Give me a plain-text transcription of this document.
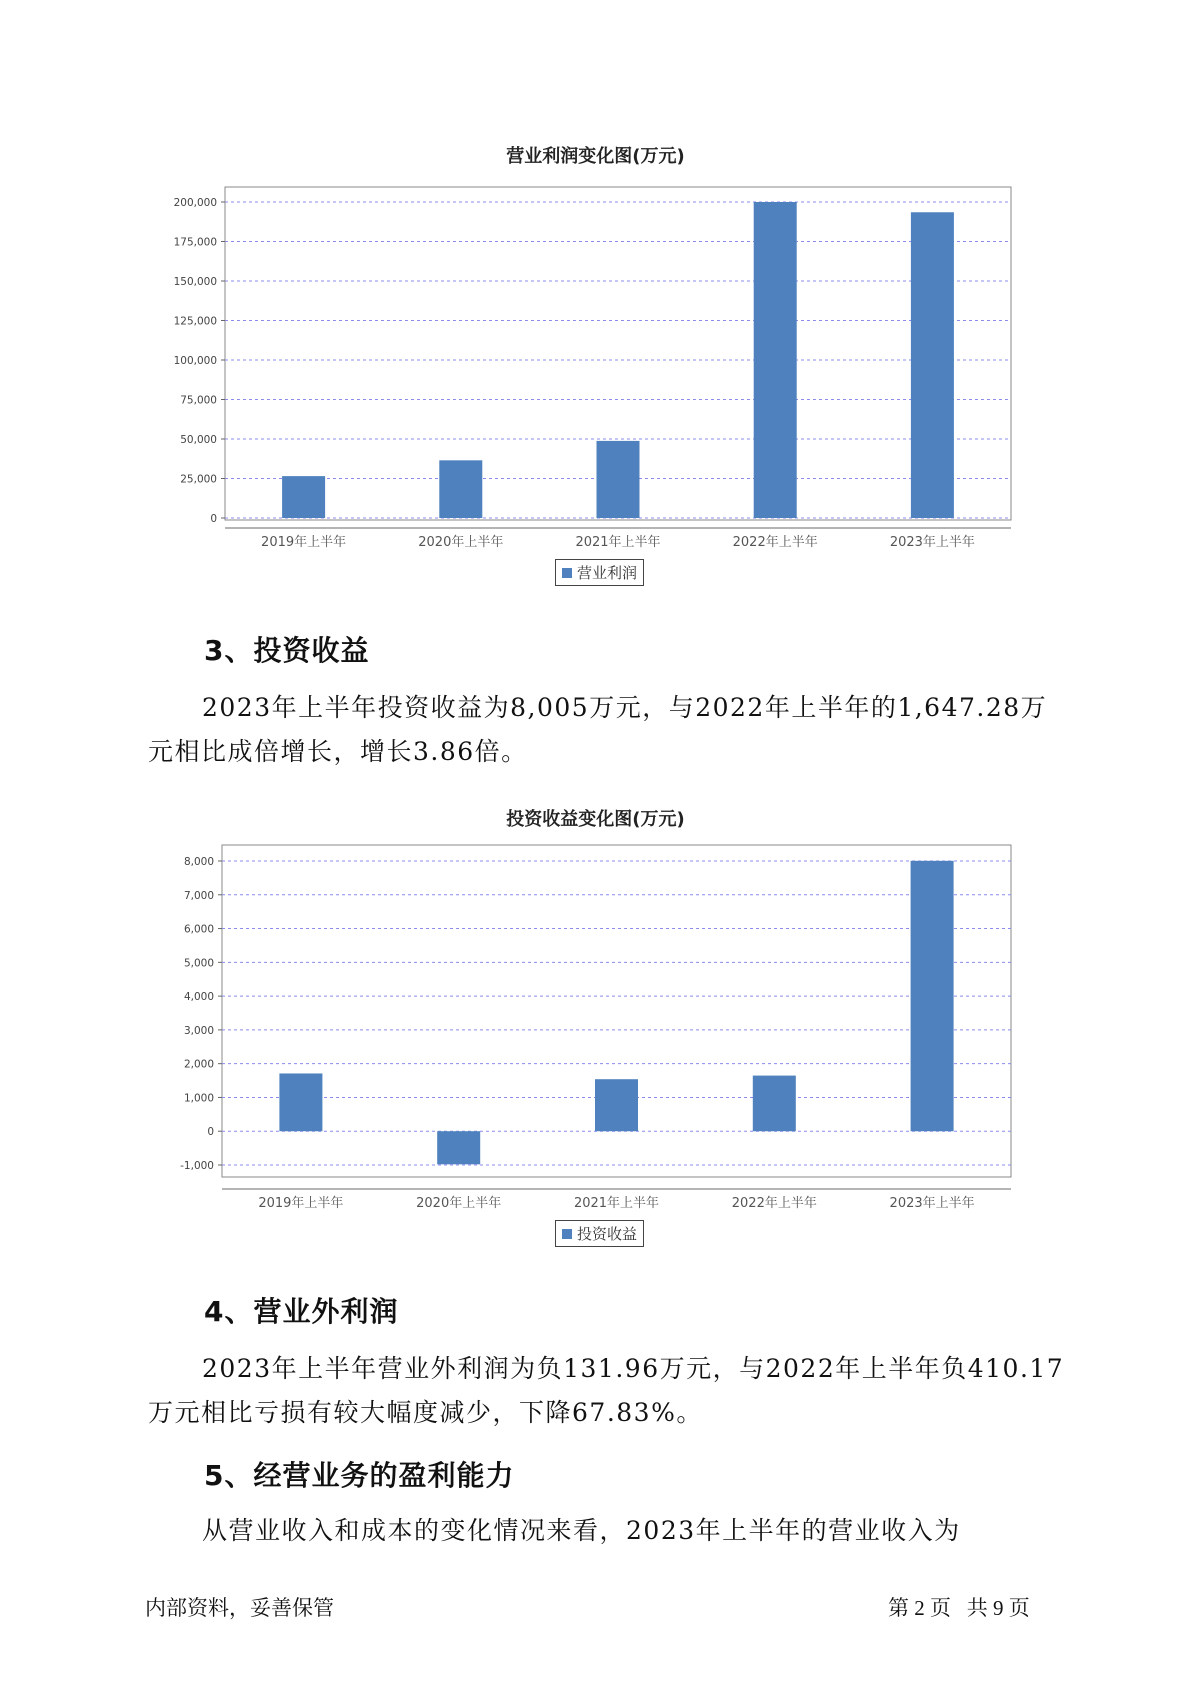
营业利润变化图(万元)
0
25,000
50,000
75,000
100,000
125,000
150,000
175,000
200,000
2019年上半年	2020年上半年	2021年上半年	2022年上半年	2023年上半年
营业利润
3、投资收益
2023年上半年投资收益为8,005万元，与2022年上半年的1,647.28万元相比成倍增长，增长3.86倍。
投资收益变化图(万元)
-1,000
0
1,000
2,000
3,000
4,000
5,000
6,000
7,000
8,000
2019年上半年	2020年上半年	2021年上半年	2022年上半年	2023年上半年
投资收益
4、营业外利润
2023年上半年营业外利润为负131.96万元，与2022年上半年负410.17万元相比亏损有较大幅度减少，下降67.83%。
5、经营业务的盈利能力
从营业收入和成本的变化情况来看，2023年上半年的营业收入为
内部资料，妥善保管	第 2 页   共 9 页
